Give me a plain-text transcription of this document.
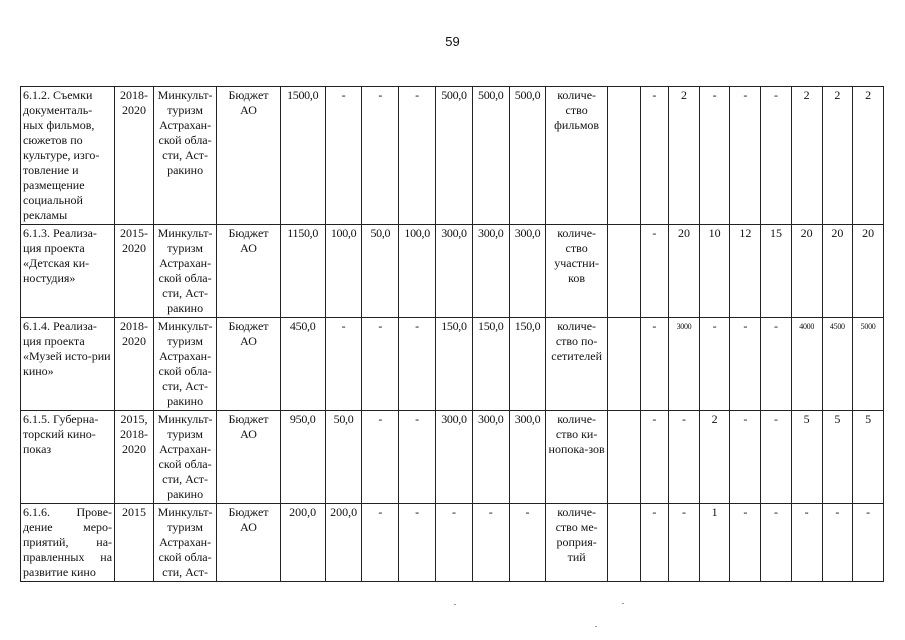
59
6.1.2. Съемки документаль-ных фильмов, сюжетов по культуре, изго-товление и размещение социальной рекламы	2018-2020	Минкульт-туризм Астрахан-ской обла-сти, Аст-ракино	Бюджет АО	1500,0	-	-	-	500,0	500,0	500,0	количе-ство фильмов		-	2	-	-	-	2	2	2
6.1.3. Реализа-ция проекта «Детская ки-ностудия»	2015-2020	Минкульт-туризм Астрахан-ской обла-сти, Аст-ракино	Бюджет АО	1150,0	100,0	50,0	100,0	300,0	300,0	300,0	количе-ство участни-ков		-	20	10	12	15	20	20	20
6.1.4. Реализа-ция проекта «Музей исто-рии кино»	2018-2020	Минкульт-туризм Астрахан-ской обла-сти, Аст-ракино	Бюджет АО	450,0	-	-	-	150,0	150,0	150,0	количе-ство по-сетителей		-	3000	-	-	-	4000	4500	5000
6.1.5. Губерна-торский кино-показ	2015, 2018-2020	Минкульт-туризм Астрахан-ской обла-сти, Аст-ракино	Бюджет АО	950,0	50,0	-	-	300,0	300,0	300,0	количе-ство ки-нопока-зов		-	-	2	-	-	5	5	5
6.1.6. Прове-дение меро-приятий, на-правленных на развитие кино	2015	Минкульт-туризм Астрахан-ской обла-сти, Аст-	Бюджет АО	200,0	200,0	-	-	-	-	-	количе-ство ме-роприя-тий		-	-	1	-	-	-	-	-
